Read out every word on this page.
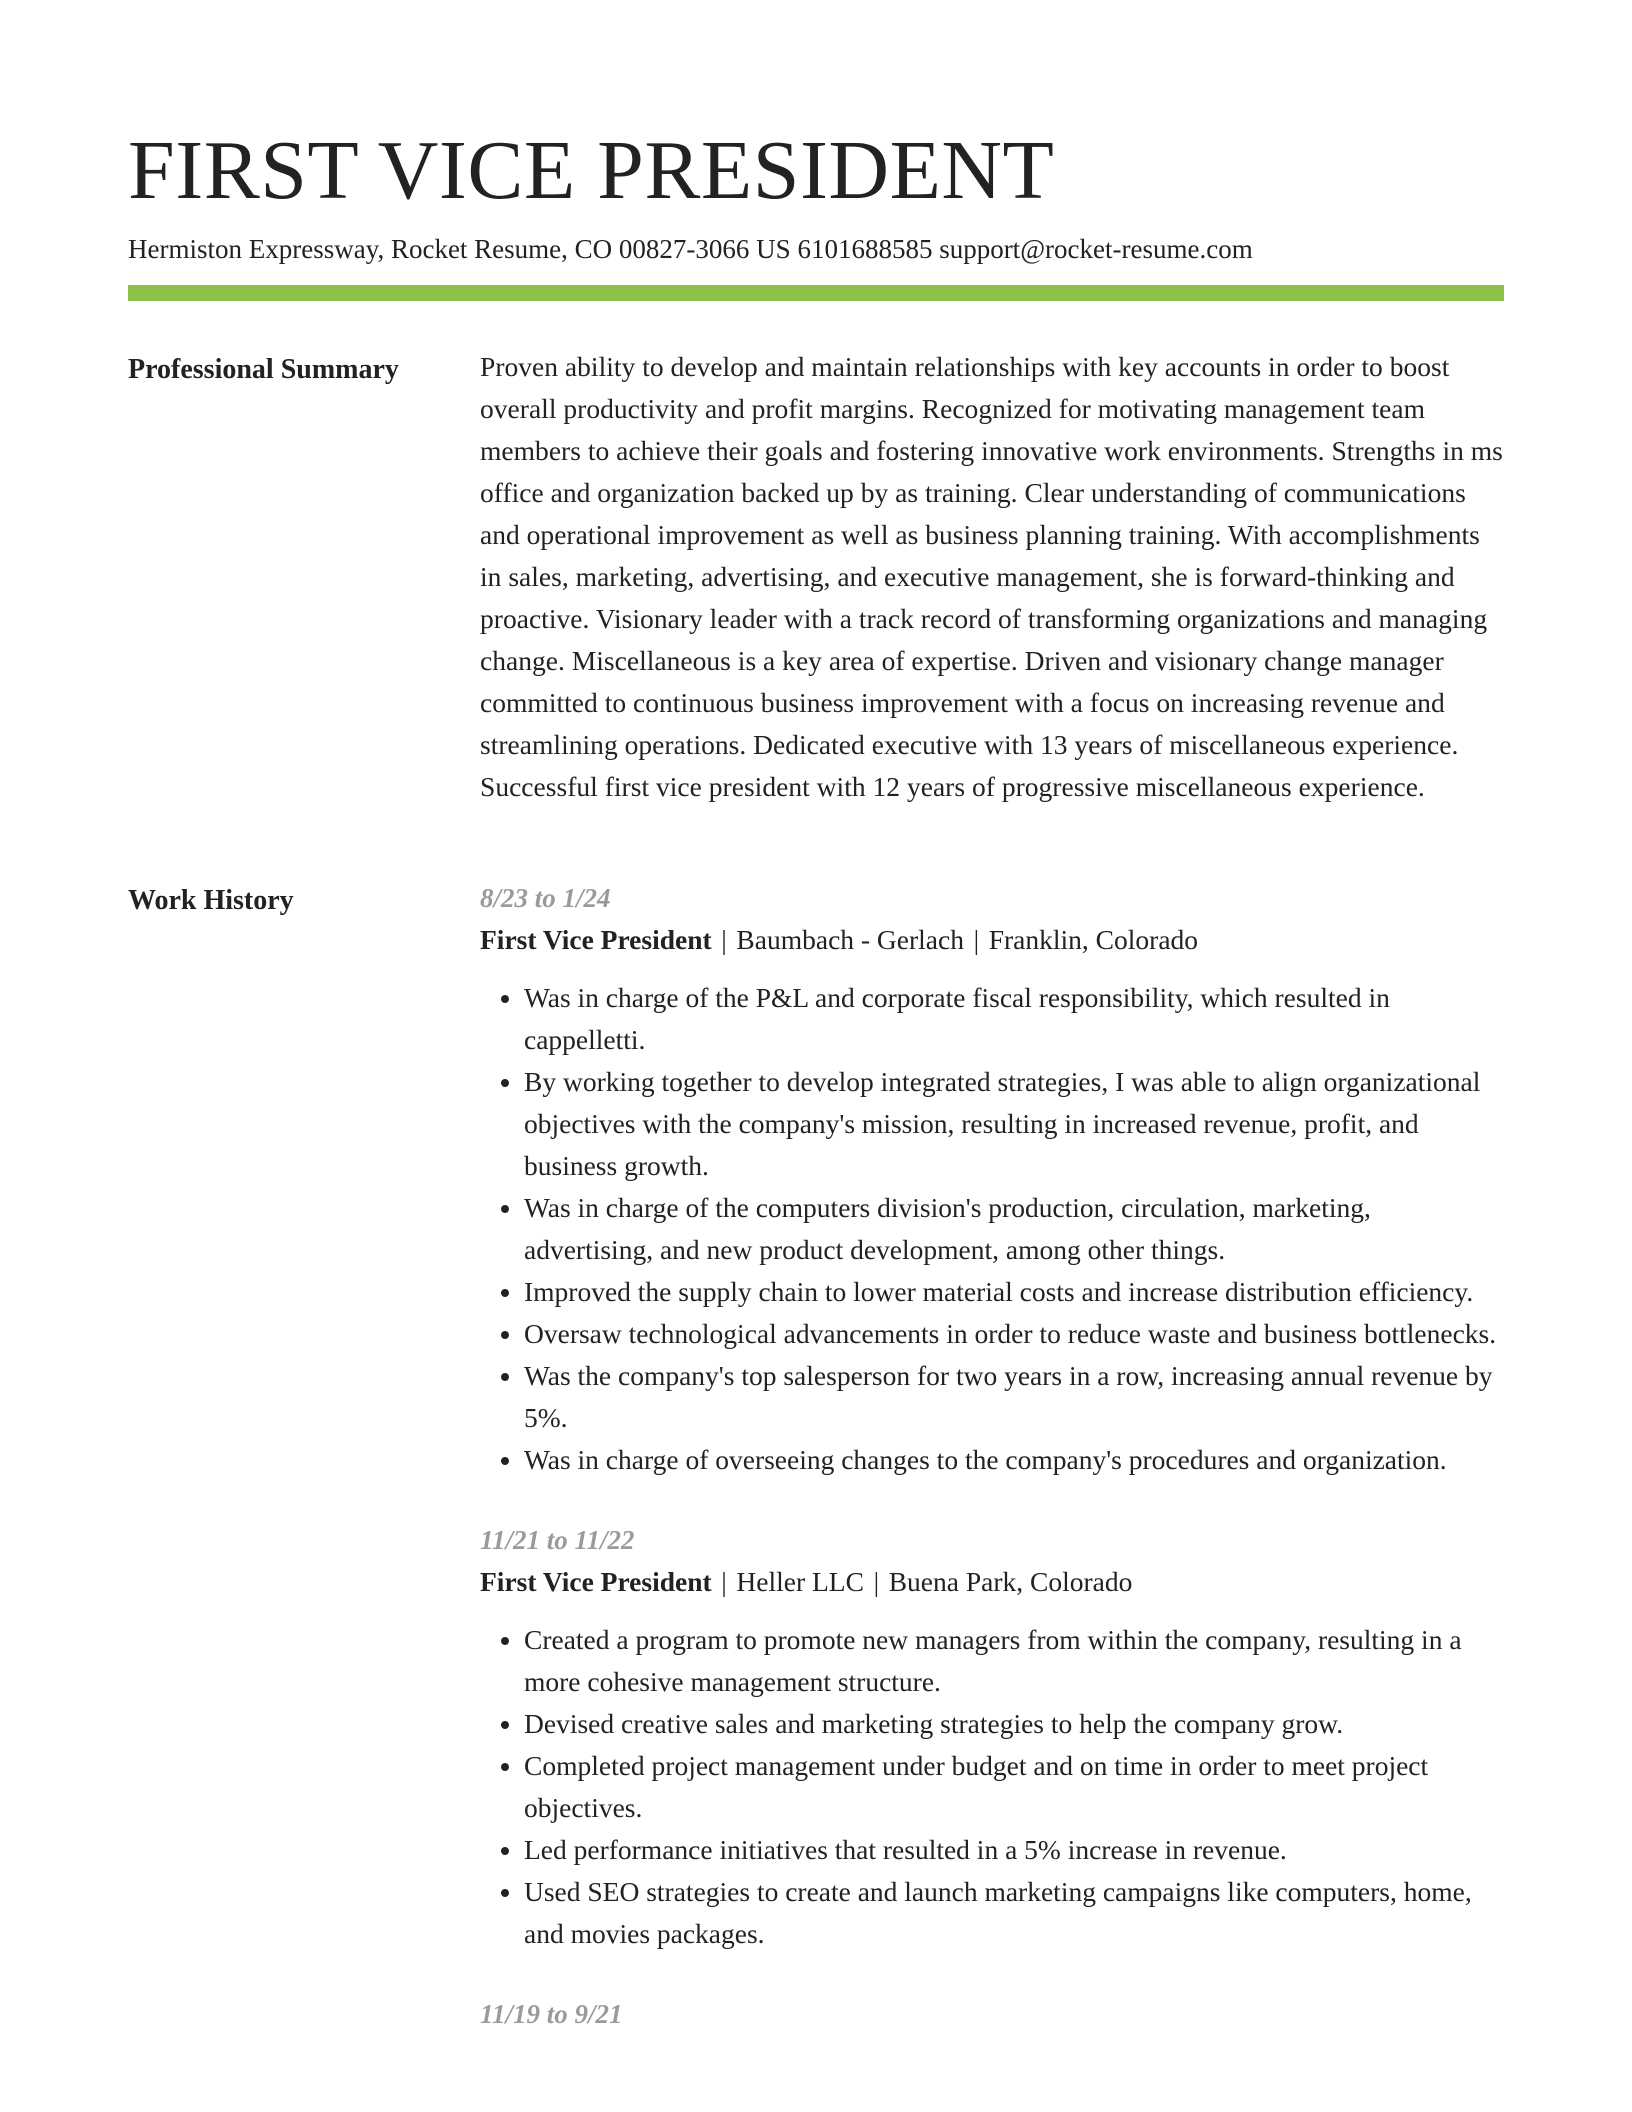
FIRST VICE PRESIDENT
Hermiston Expressway, Rocket Resume, CO 00827-3066 US 6101688585 support@rocket-resume.com
Professional Summary	Proven ability to develop and maintain relationships with key accounts in order to boost overall productivity and profit margins. Recognized for motivating management team members to achieve their goals and fostering innovative work environments. Strengths in ms office and organization backed up by as training. Clear understanding of communications and operational improvement as well as business planning training. With accomplishments in sales, marketing, advertising, and executive management, she is forward-thinking and proactive. Visionary leader with a track record of transforming organizations and managing change. Miscellaneous is a key area of expertise. Driven and visionary change manager committed to continuous business improvement with a focus on increasing revenue and streamlining operations. Dedicated executive with 13 years of miscellaneous experience. Successful first vice president with 12 years of progressive miscellaneous experience.

Work History	8/23 to 1/24

First Vice President | Baumbach - Gerlach | Franklin, Colorado

• Was in charge of the P&L and corporate fiscal responsibility, which resulted in cappelletti.
• By working together to develop integrated strategies, I was able to align organizational objectives with the company's mission, resulting in increased revenue, profit, and business growth.
• Was in charge of the computers division's production, circulation, marketing, advertising, and new product development, among other things.
• Improved the supply chain to lower material costs and increase distribution efficiency.
• Oversaw technological advancements in order to reduce waste and business bottlenecks.
• Was the company's top salesperson for two years in a row, increasing annual revenue by 5%.
• Was in charge of overseeing changes to the company's procedures and organization.

11/21 to 11/22

First Vice President | Heller LLC | Buena Park, Colorado

• Created a program to promote new managers from within the company, resulting in a more cohesive management structure.
• Devised creative sales and marketing strategies to help the company grow.
• Completed project management under budget and on time in order to meet project objectives.
• Led performance initiatives that resulted in a 5% increase in revenue.
• Used SEO strategies to create and launch marketing campaigns like computers, home, and movies packages.

11/19 to 9/21
